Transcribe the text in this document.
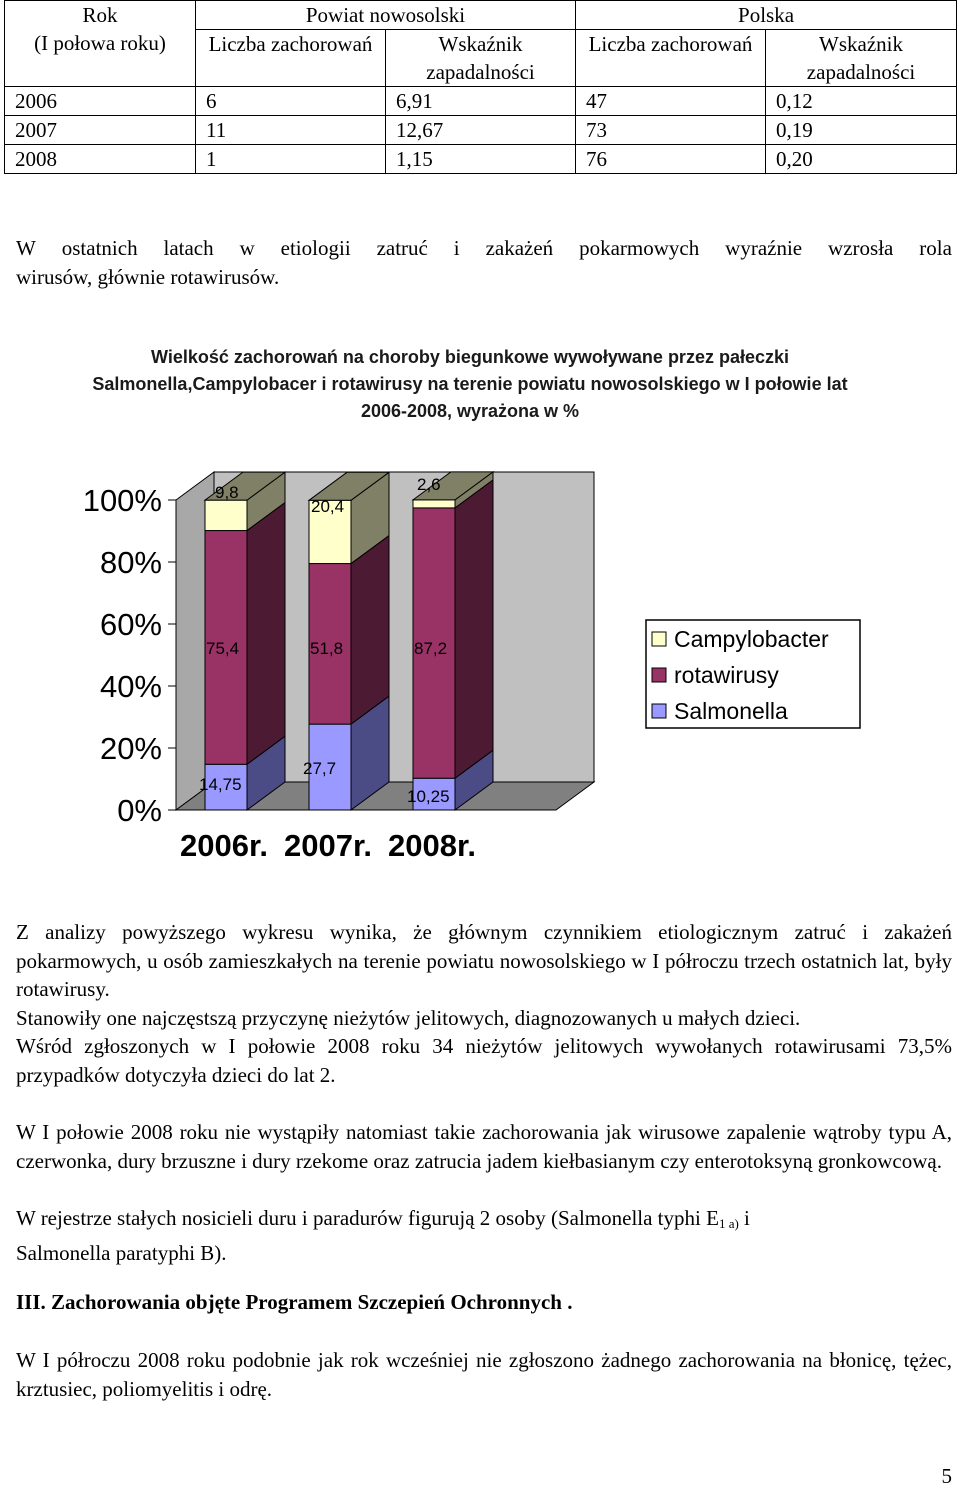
Rok
(I połowa roku)	Powiat nowosolski		Polska	
	Liczba zachorowań	Wskaźnik zapadalności	Liczba zachorowań	Wskaźnik zapadalności
2006	6	6,91	47	0,12
2007	11	12,67	73	0,19
2008	1	1,15	76	0,20
W ostatnich latach w etiologii zatruć i zakażeń pokarmowych wyraźnie wzrosła rola
wirusów, głównie rotawirusów.
Wielkość zachorowań na choroby biegunkowe wywoływane przez pałeczki Salmonella,Campylobacer i rotawirusy na terenie powiatu nowosolskiego w I połowie lat 2006-2008, wyrażona w %
100%
80%
60%
40%
20%
0%
14,75
75,4
9,8
2006r.
27,7
51,8
20,4
2007r.
10,25
87,2
2,6
2008r.
Campylobacter
rotawirusy
Salmonella
Z analizy powyższego wykresu wynika, że głównym czynnikiem etiologicznym zatruć i zakażeń pokarmowych, u osób zamieszkałych na terenie powiatu nowosolskiego w I półroczu trzech ostatnich lat, były rotawirusy.
Stanowiły one najczęstszą przyczynę nieżytów jelitowych, diagnozowanych u małych dzieci.
Wśród zgłoszonych w I połowie 2008 roku 34 nieżytów jelitowych wywołanych rotawirusami 73,5% przypadków dotyczyła dzieci do lat 2.
W I połowie 2008 roku nie wystąpiły natomiast takie zachorowania jak wirusowe zapalenie wątroby typu A, czerwonka, dury brzuszne i dury rzekome oraz zatrucia jadem kiełbasianym czy enterotoksyną gronkowcową.
W rejestrze stałych nosicieli duru i paradurów figurują 2 osoby (Salmonella typhi $E_{1 a)}$ i
Salmonella paratyphi B).
III. Zachorowania objęte Programem Szczepień Ochronnych .
W I półroczu 2008 roku podobnie jak rok wcześniej nie zgłoszono żadnego zachorowania na błonicę, tężec, krztusiec, poliomyelitis i odrę.
5
